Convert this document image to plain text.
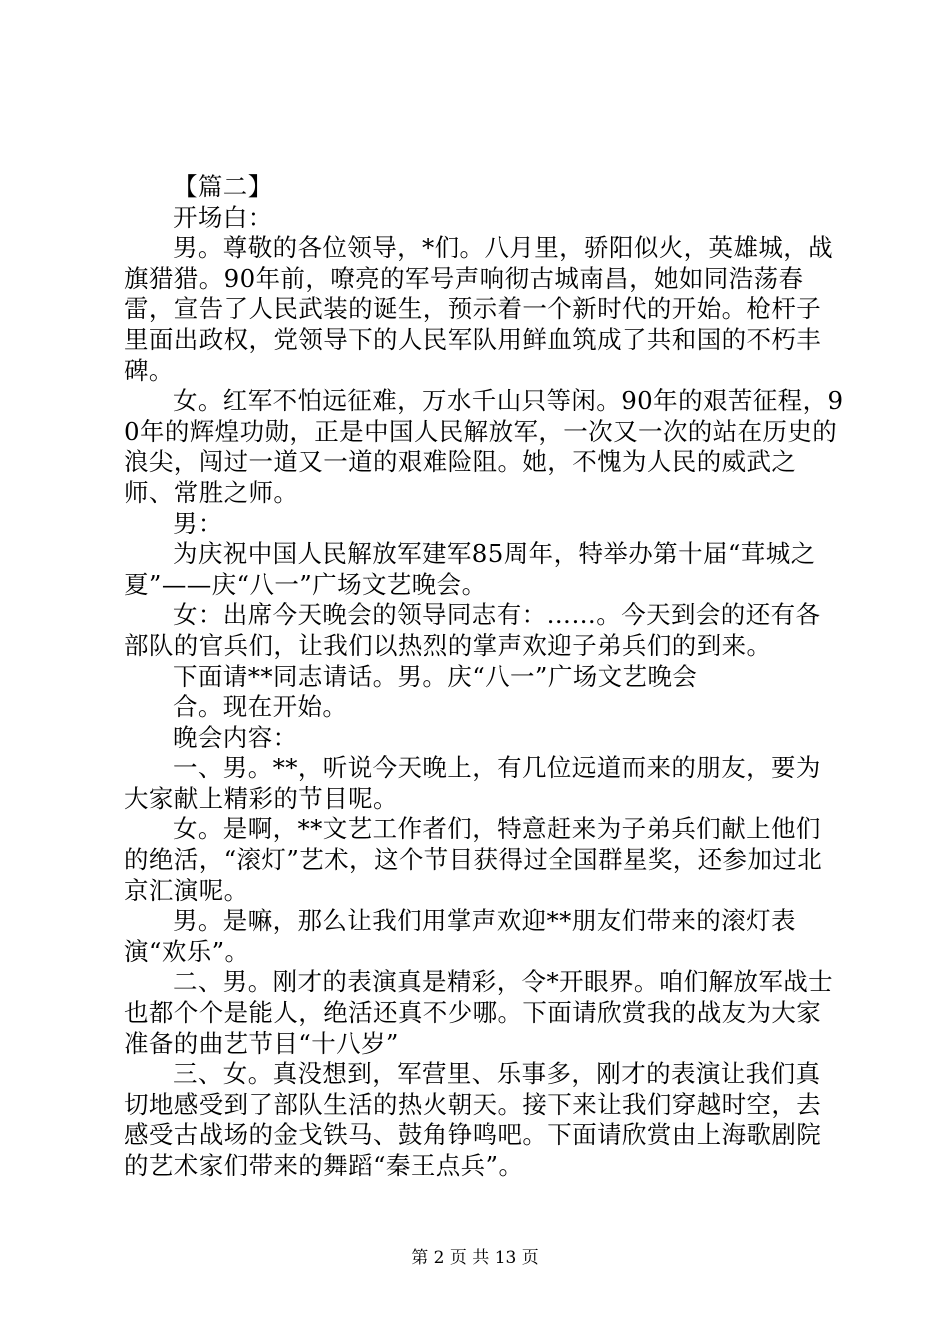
【篇二】

开场白：

男。尊敬的各位领导，*们。八月里，骄阳似火，英雄城，战旗猎猎。90年前，嘹亮的军号声响彻古城南昌，她如同浩荡春雷，宣告了人民武装的诞生，预示着一个新时代的开始。枪杆子里面出政权，党领导下的人民军队用鲜血筑成了共和国的不朽丰碑。

女。红军不怕远征难，万水千山只等闲。90年的艰苦征程，90年的辉煌功勋，正是中国人民解放军，一次又一次的站在历史的浪尖，闯过一道又一道的艰难险阻。她，不愧为人民的威武之师、常胜之师。

男：

为庆祝中国人民解放军建军85周年，特举办第十届“茸城之夏”——庆“八一”广场文艺晚会。

女：出席今天晚会的领导同志有：……。今天到会的还有各部队的官兵们，让我们以热烈的掌声欢迎子弟兵们的到来。

下面请**同志请话。男。庆“八一”广场文艺晚会

合。现在开始。

晚会内容：

一、男。**，听说今天晚上，有几位远道而来的朋友，要为大家献上精彩的节目呢。

女。是啊，**文艺工作者们，特意赶来为子弟兵们献上他们的绝活，“滚灯”艺术，这个节目获得过全国群星奖，还参加过北京汇演呢。

男。是嘛，那么让我们用掌声欢迎**朋友们带来的滚灯表演“欢乐”。

二、男。刚才的表演真是精彩，令*开眼界。咱们解放军战士也都个个是能人，绝活还真不少哪。下面请欣赏我的战友为大家准备的曲艺节目“十八岁”

三、女。真没想到，军营里、乐事多，刚才的表演让我们真切地感受到了部队生活的热火朝天。接下来让我们穿越时空，去感受古战场的金戈铁马、鼓角铮鸣吧。下面请欣赏由上海歌剧院的艺术家们带来的舞蹈“秦王点兵”。

第 2 页 共 13 页
